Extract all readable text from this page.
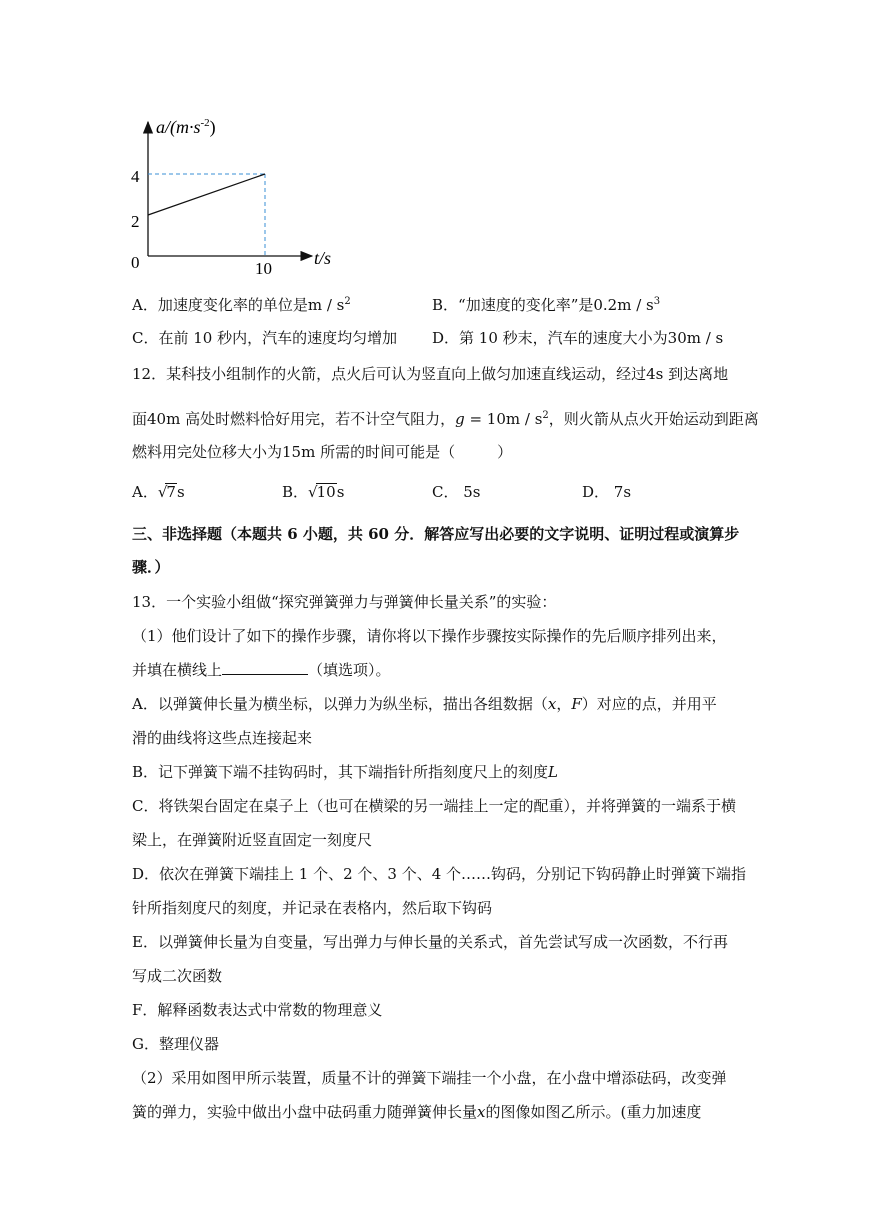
$a/(m\cdot s^{-2})$
t/s
0
2
4
10
A．加速度变化率的单位是m / $s^2$	B．“加速度的变化率”是$0.2m / s^3$
C．在前 10 秒内，汽车的速度均匀增加 D．第 10 秒末，汽车的速度大小为30m / s
12．某科技小组制作的火箭，点火后可认为竖直向上做匀加速直线运动，经过4s 到达离地
面40m 高处时燃料恰好用完，若不计空气阻力，$g = 10m / s^2$，则火箭从点火开始运动到距离
燃料用完处位移大小为15m 所需的时间可能是（	）
A．√7s	B．√10s	C． 5s	D． 7s
三、非选择题（本题共 6 小题，共 60 分．解答应写出必要的文字说明、证明过程或演算步
骤．）
13．一个实验小组做“探究弹簧弹力与弹簧伸长量关系”的实验：
（1）他们设计了如下的操作步骤，请你将以下操作步骤按实际操作的先后顺序排列出来，
并填在横线上	（填选项）。
A．以弹簧伸长量为横坐标，以弹力为纵坐标，描出各组数据（x，F）对应的点，并用平
滑的曲线将这些点连接起来
B．记下弹簧下端不挂钩码时，其下端指针所指刻度尺上的刻度L
C．将铁架台固定在桌子上（也可在横梁的另一端挂上一定的配重），并将弹簧的一端系于横
梁上，在弹簧附近竖直固定一刻度尺
D．依次在弹簧下端挂上 1 个、2 个、3 个、4 个……钩码，分别记下钩码静止时弹簧下端指
针所指刻度尺的刻度，并记录在表格内，然后取下钩码
E．以弹簧伸长量为自变量，写出弹力与伸长量的关系式，首先尝试写成一次函数，不行再
写成二次函数
F．解释函数表达式中常数的物理意义
G．整理仪器
（2）采用如图甲所示装置，质量不计的弹簧下端挂一个小盘，在小盘中增添砝码，改变弹
簧的弹力，实验中做出小盘中砝码重力随弹簧伸长量x的图像如图乙所示。(重力加速度
